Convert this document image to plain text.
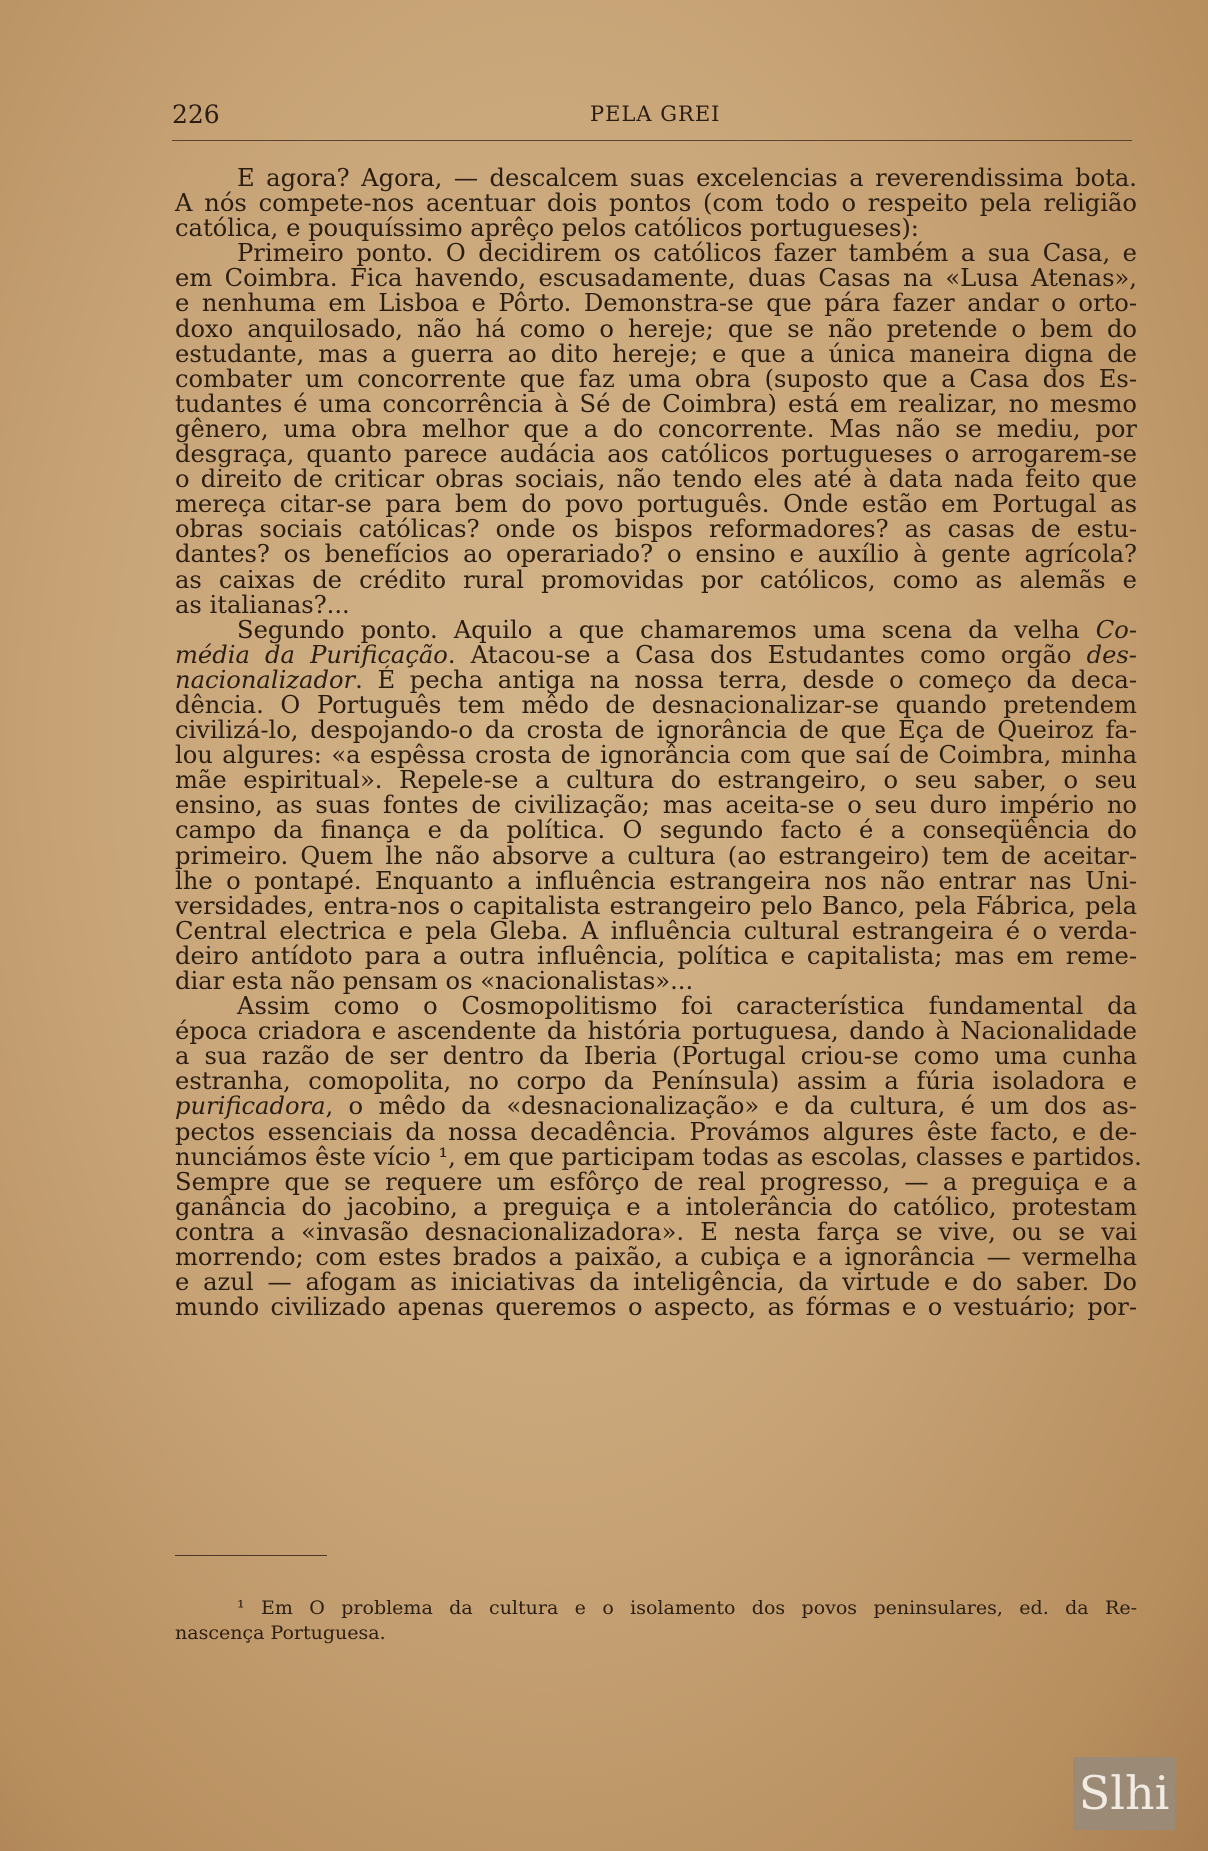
226	PELA GREI
E agora? Agora, — descalcem suas excelencias a reverendissima bota.
A nós compete-nos acentuar dois pontos (com todo o respeito pela religião
católica, e pouquíssimo aprêço pelos católicos portugueses):
Primeiro ponto. O decidirem os católicos fazer também a sua Casa, e
em Coimbra. Fica havendo, escusadamente, duas Casas na «Lusa Atenas»,
e nenhuma em Lisboa e Pôrto. Demonstra-se que pára fazer andar o orto-
doxo anquilosado, não há como o hereje; que se não pretende o bem do
estudante, mas a guerra ao dito hereje; e que a única maneira digna de
combater um concorrente que faz uma obra (suposto que a Casa dos Es-
tudantes é uma concorrência à Sé de Coimbra) está em realizar, no mesmo
gênero, uma obra melhor que a do concorrente. Mas não se mediu, por
desgraça, quanto parece audácia aos católicos portugueses o arrogarem-se
o direito de criticar obras sociais, não tendo eles até à data nada feito que
mereça citar-se para bem do povo português. Onde estão em Portugal as
obras sociais católicas? onde os bispos reformadores? as casas de estu-
dantes? os benefícios ao operariado? o ensino e auxílio à gente agrícola?
as caixas de crédito rural promovidas por católicos, como as alemãs e
as italianas?...
Segundo ponto. Aquilo a que chamaremos uma scena da velha Co-
média da Purificação. Atacou-se a Casa dos Estudantes como orgão des-
nacionalizador. É pecha antiga na nossa terra, desde o começo da deca-
dência. O Português tem mêdo de desnacionalizar-se quando pretendem
civilizá-lo, despojando-o da crosta de ignorância de que Eça de Queiroz fa-
lou algures: «a espêssa crosta de ignorância com que saí de Coimbra, minha
mãe espiritual». Repele-se a cultura do estrangeiro, o seu saber, o seu
ensino, as suas fontes de civilização; mas aceita-se o seu duro império no
campo da finança e da política. O segundo facto é a conseqüência do
primeiro. Quem lhe não absorve a cultura (ao estrangeiro) tem de aceitar-
lhe o pontapé. Enquanto a influência estrangeira nos não entrar nas Uni-
versidades, entra-nos o capitalista estrangeiro pelo Banco, pela Fábrica, pela
Central electrica e pela Gleba. A influência cultural estrangeira é o verda-
deiro antídoto para a outra influência, política e capitalista; mas em reme-
diar esta não pensam os «nacionalistas»...
Assim como o Cosmopolitismo foi característica fundamental da
época criadora e ascendente da história portuguesa, dando à Nacionalidade
a sua razão de ser dentro da Iberia (Portugal criou-se como uma cunha
estranha, comopolita, no corpo da Península) assim a fúria isoladora e
purificadora, o mêdo da «desnacionalização» e da cultura, é um dos as-
pectos essenciais da nossa decadência. Provámos algures êste facto, e de-
nunciámos êste vício ¹, em que participam todas as escolas, classes e partidos.
Sempre que se requere um esfôrço de real progresso, — a preguiça e a
ganância do jacobino, a preguiça e a intolerância do católico, protestam
contra a «invasão desnacionalizadora». E nesta farça se vive, ou se vai
morrendo; com estes brados a paixão, a cubiça e a ignorância — vermelha
e azul — afogam as iniciativas da inteligência, da virtude e do saber. Do
mundo civilizado apenas queremos o aspecto, as fórmas e o vestuário; por-
¹ Em O problema da cultura e o isolamento dos povos peninsulares, ed. da Re-
nascença Portuguesa.
Slhi
